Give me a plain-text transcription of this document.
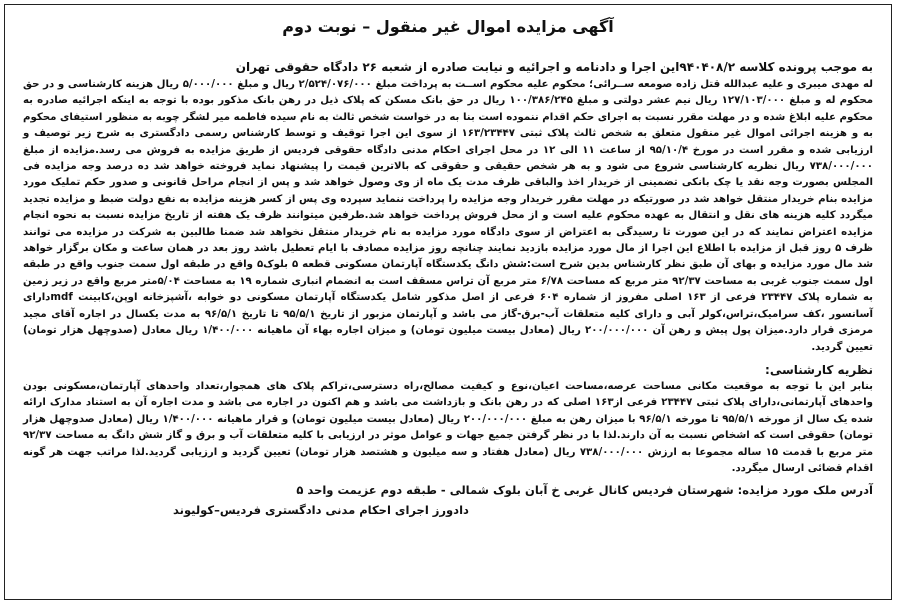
آگهی مزایده اموال غیر منقول – نوبت دوم
به موجب پرونده کلاسه ۹۴۰۴۰۸/۲این اجرا و دادنامه و اجرائیه و نیابت صادره از شعبه ۲۶ دادگاه حقوقی تهران

له مهدی میبری و علیه عبدالله قتل زاده صومعه ســرائی؛ محکوم علیه محکوم اســت به پرداخت مبلغ ۲/۵۲۴/۰۷۶/۰۰۰ ریال و مبلغ ۵/۰۰۰/۰۰۰ ریال هزینه کارشناسی و در حق محکوم له و مبلغ ۱۲۷/۱۰۳/۰۰۰ ریال نیم عشر دولتی و مبلغ ۱۰۰/۳۸۶/۲۴۵ ریال در حق بانک مسکن که پلاک ذیل در رهن بانک مذکور بوده با توجه به اینکه اجرائیه صادره به محکوم علیه ابلاغ شده و در مهلت مقرر نسبت به اجرای حکم اقدام ننموده است بنا به در خواست شخص ثالث به نام سیده فاطمه میر لشگر چوبه به منظور استیفای محکوم به و هزینه اجرائی اموال غیر منقول متعلق به شخص ثالث پلاک ثبتی ۱۶۳/۲۳۴۴۷ از سوی این اجرا توقیف و توسط کارشناس رسمی دادگستری به شرح زیر توصیف و ارزیابی شده و مقرر است در مورخ ۹۵/۱۰/۴ از ساعت ۱۱ الی ۱۲ در محل اجرای احکام مدنی دادگاه حقوقی فردیس از طریق مزایده به فروش می رسد.مزایده از مبلغ ۷۳۸/۰۰۰/۰۰۰ ریال نظریه کارشناسی شروع می شود و به هر شخص حقیقی و حقوقی که بالاترین قیمت را پیشنهاد نماید فروخته خواهد شد ده درصد وجه مزایده فی المجلس بصورت وجه نقد یا چک بانکی تضمینی از خریدار اخذ والباقی ظرف مدت یک ماه از وی وصول خواهد شد و پس از انجام مراحل قانونی و صدور حکم تملیک مورد مزایده بنام خریدار منتقل خواهد شد در صورتیکه در مهلت مقرر خریدار وجه مزایده را پرداخت ننماید سپرده وی پس از کسر هزینه مزایده به نفع دولت ضبط و مزایده تجدید میگردد کلیه هزینه های نقل و انتقال به عهده محکوم علیه است و از محل فروش پرداخت خواهد شد.طرفین میتوانند ظرف یک هفته از تاریخ مزایده نسبت به نحوه انجام مزایده اعتراض نمایند که در این صورت تا رسیدگی به اعتراض از سوی دادگاه مورد مزایده به نام خریدار منتقل نخواهد شد ضمنا طالبین به شرکت در مزایده می توانند ظرف ۵ روز قبل از مزایده با اطلاع این اجرا از مال مورد مزایده بازدید نمایند چنانچه روز مزایده مصادف با ایام تعطیل باشد روز بعد در همان ساعت و مکان برگزار خواهد شد مال مورد مزایده و بهای آن طبق نظر کارشناس بدین شرح است:شش دانگ یکدستگاه آپارتمان مسکونی قطعه ۵ بلوک۵ واقع در طبقه اول سمت جنوب واقع در طبقه اول سمت جنوب غربی به مساحت ۹۲/۳۷ متر مربع که مساحت ۶/۷۸ متر مربع آن تراس مسقف است به انضمام انباری شماره ۱۹ به مساحت ۵/۰۴متر مربع واقع در زیر زمین به شماره پلاک ۲۳۴۴۷ فرعی از ۱۶۳ اصلی مفروز از شماره ۶۰۴ فرعی از اصل مذکور شامل یکدستگاه آپارتمان مسکونی دو خوابه ،آشپزخانه اوپن،کابینت mdfدارای آسانسور ،کف سرامیک،تراس،کولر آبی و دارای کلیه متعلقات آب-برق-گاز می باشد و آپارتمان مزبور از تاریخ ۹۵/۵/۱ تا تاریخ ۹۶/۵/۱ به مدت یکسال در اجاره آقای مجید مرمزی قرار دارد.میزان پول پیش و رهن آن ۲۰۰/۰۰۰/۰۰۰ ریال (معادل بیست میلیون تومان) و میزان اجاره بهاء آن ماهیانه ۱/۴۰۰/۰۰۰ ریال معادل (صدوچهل هزار تومان) تعیین گردید.

نظریه کارشناسی:

بنابر این با توجه به موقعیت مکانی مساحت عرصه،مساحت اعیان،نوع و کیفیت مصالح،راه دسترسی،تراکم پلاک های همجوار،تعداد واحدهای آپارتمان،مسکونی بودن واحدهای آپارتمانی،دارای پلاک ثبتی ۲۳۴۴۷ فرعی از۱۶۳ اصلی که در رهن بانک و بازداشت می باشد و هم اکنون در اجاره می باشد و مدت اجاره آن به استناد مدارک ارائه شده یک سال از مورخه ۹۵/۵/۱ تا مورخه ۹۶/۵/۱ با میزان رهن به مبلغ ۲۰۰/۰۰۰/۰۰۰ ریال (معادل بیست میلیون تومان) و قرار ماهیانه ۱/۴۰۰/۰۰۰ ریال (معادل صدوچهل هزار تومان) حقوقی است که اشخاص نسبت به آن دارند.لذا با در نظر گرفتن جمیع جهات و عوامل موثر در ارزیابی با کلیه متعلقات آب و برق و گاز شش دانگ به مساحت ۹۲/۳۷ متر مربع با قدمت ۱۵ ساله مجموعا به ارزش ۷۳۸/۰۰۰/۰۰۰ ریال (معادل هفتاد و سه میلیون و هشتصد هزار تومان) تعیین گردید و ارزیابی گردید.لذا مراتب جهت هر گونه اقدام قضائی ارسال میگردد.

آدرس ملک مورد مزایده: شهرستان فردیس کانال غربی خ آبان بلوک شمالی - طبقه دوم عزیمت واحد ۵
دادورز اجرای احکام مدنی دادگستری فردیس–کولیوند
